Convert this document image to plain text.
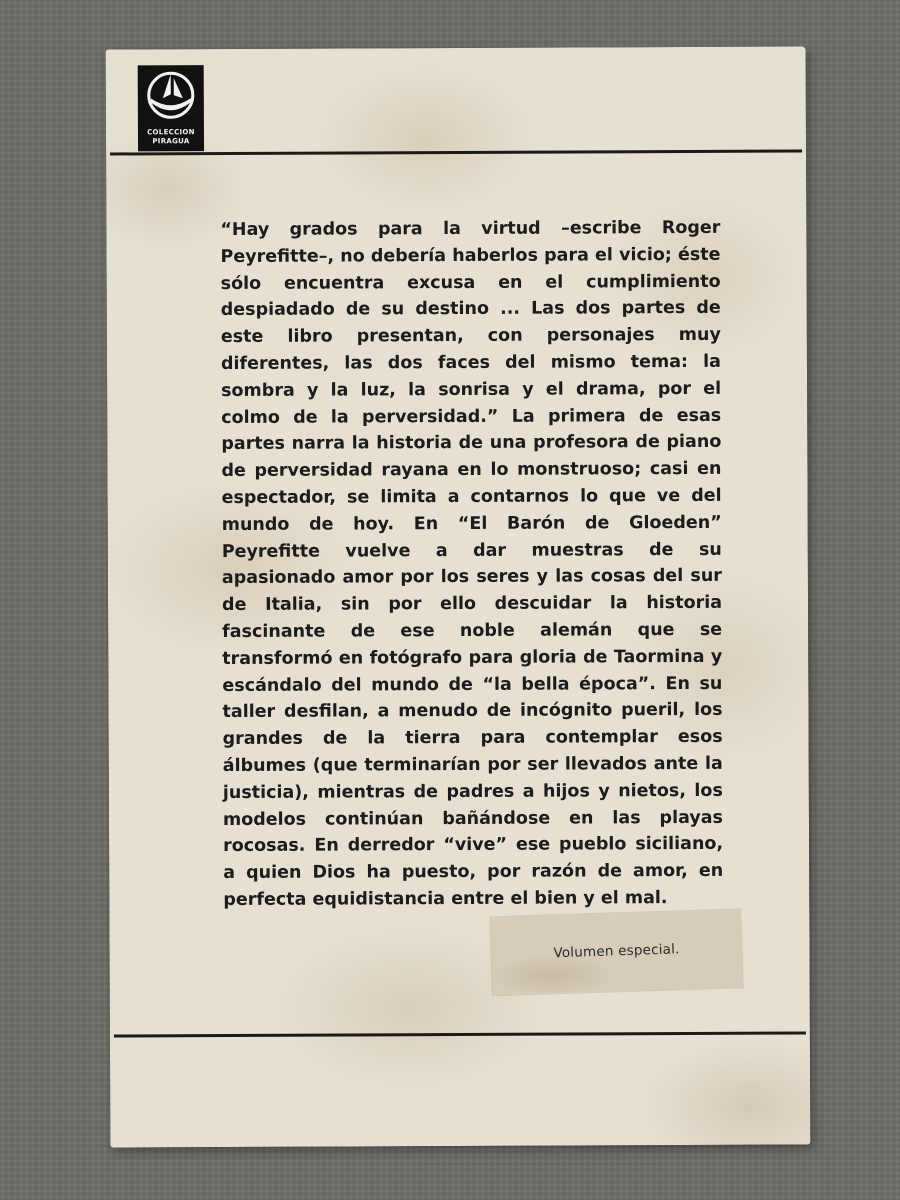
COLECCION
PIRAGUA

“Hay grados para la virtud –escribe Roger Peyrefitte–, no debería haberlos para el vicio; éste sólo encuentra excusa en el cumplimiento despiadado de su destino ... Las dos partes de este libro presentan, con personajes muy diferentes, las dos faces del mismo tema: la sombra y la luz, la sonrisa y el drama, por el colmo de la perversidad.” La primera de esas partes narra la historia de una profesora de piano de perversidad rayana en lo monstruoso; casi en espectador, se limita a contarnos lo que ve del mundo de hoy. En “El Barón de Gloeden” Peyrefitte vuelve a dar muestras de su apasionado amor por los seres y las cosas del sur de Italia, sin por ello descuidar la historia fascinante de ese noble alemán que se transformó en fotógrafo para gloria de Taormina y escándalo del mundo de “la bella época”. En su taller desfilan, a menudo de incógnito pueril, los grandes de la tierra para contemplar esos álbumes (que terminarían por ser llevados ante la justicia), mientras de padres a hijos y nietos, los modelos continúan bañándose en las playas rocosas. En derredor “vive” ese pueblo siciliano, a quien Dios ha puesto, por razón de amor, en perfecta equidistancia entre el bien y el mal.

Volumen especial.
